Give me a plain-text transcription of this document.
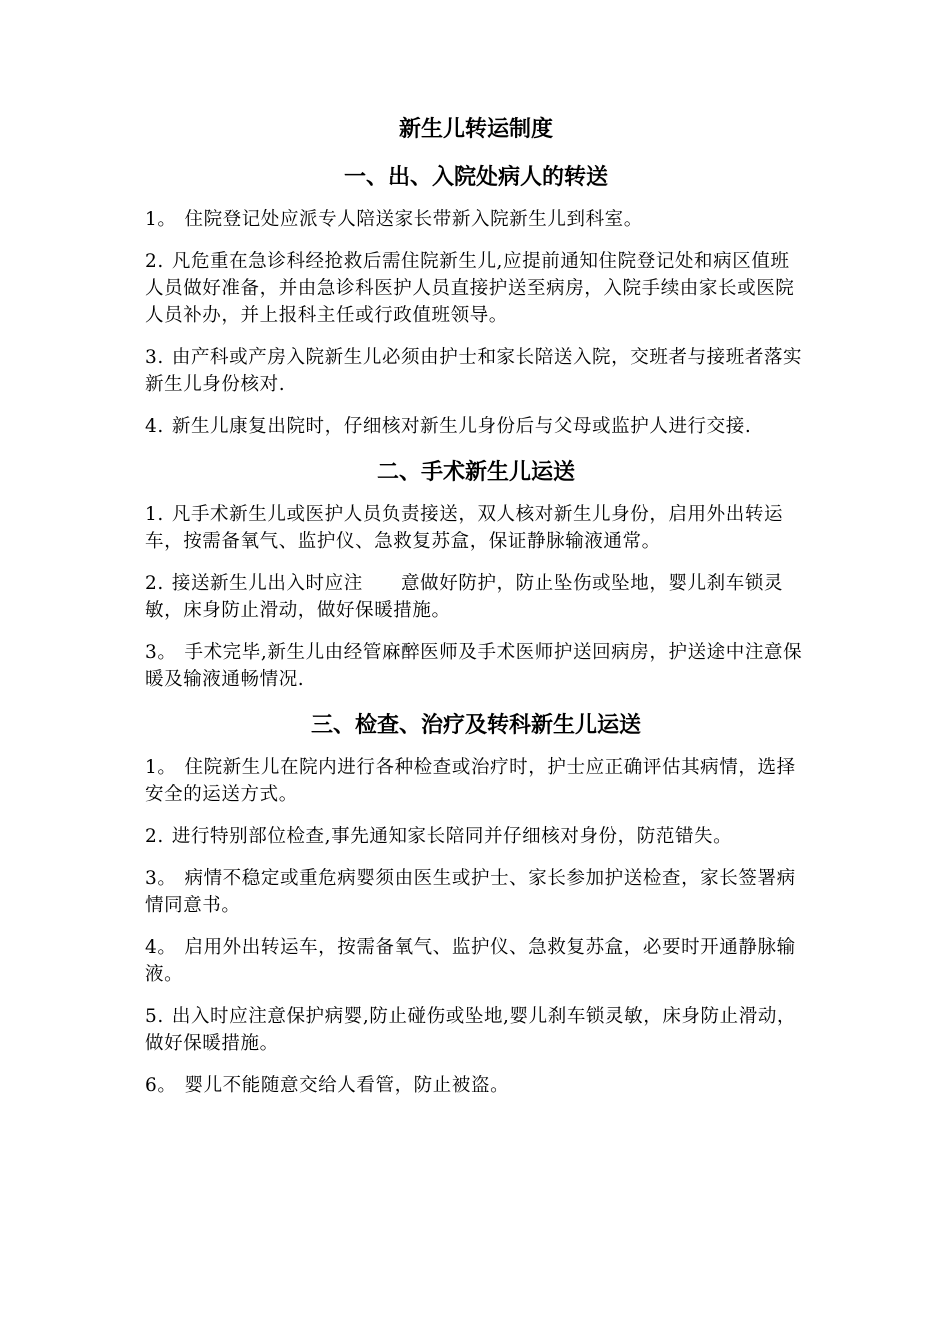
新生儿转运制度
一、出、入院处病人的转送

1。 住院登记处应派专人陪送家长带新入院新生儿到科室。

2. 凡危重在急诊科经抢救后需住院新生儿,应提前通知住院登记处和病区值班人员做好准备，并由急诊科医护人员直接护送至病房，入院手续由家长或医院人员补办，并上报科主任或行政值班领导。

3. 由产科或产房入院新生儿必须由护士和家长陪送入院，交班者与接班者落实新生儿身份核对.

4. 新生儿康复出院时，仔细核对新生儿身份后与父母或监护人进行交接.

二、手术新生儿运送

1. 凡手术新生儿或医护人员负责接送，双人核对新生儿身份，启用外出转运车，按需备氧气、监护仪、急救复苏盒，保证静脉输液通常。

2. 接送新生儿出入时应注　　意做好防护，防止坠伤或坠地，婴儿刹车锁灵敏，床身防止滑动，做好保暖措施。

3。 手术完毕,新生儿由经管麻醉医师及手术医师护送回病房，护送途中注意保暖及输液通畅情况.

三、检查、治疗及转科新生儿运送

1。 住院新生儿在院内进行各种检查或治疗时，护士应正确评估其病情，选择安全的运送方式。

2. 进行特别部位检查,事先通知家长陪同并仔细核对身份，防范错失。

3。 病情不稳定或重危病婴须由医生或护士、家长参加护送检查，家长签署病情同意书。

4。 启用外出转运车，按需备氧气、监护仪、急救复苏盒，必要时开通静脉输液。

5. 出入时应注意保护病婴,防止碰伤或坠地,婴儿刹车锁灵敏，床身防止滑动，做好保暖措施。

6。 婴儿不能随意交给人看管，防止被盗。
